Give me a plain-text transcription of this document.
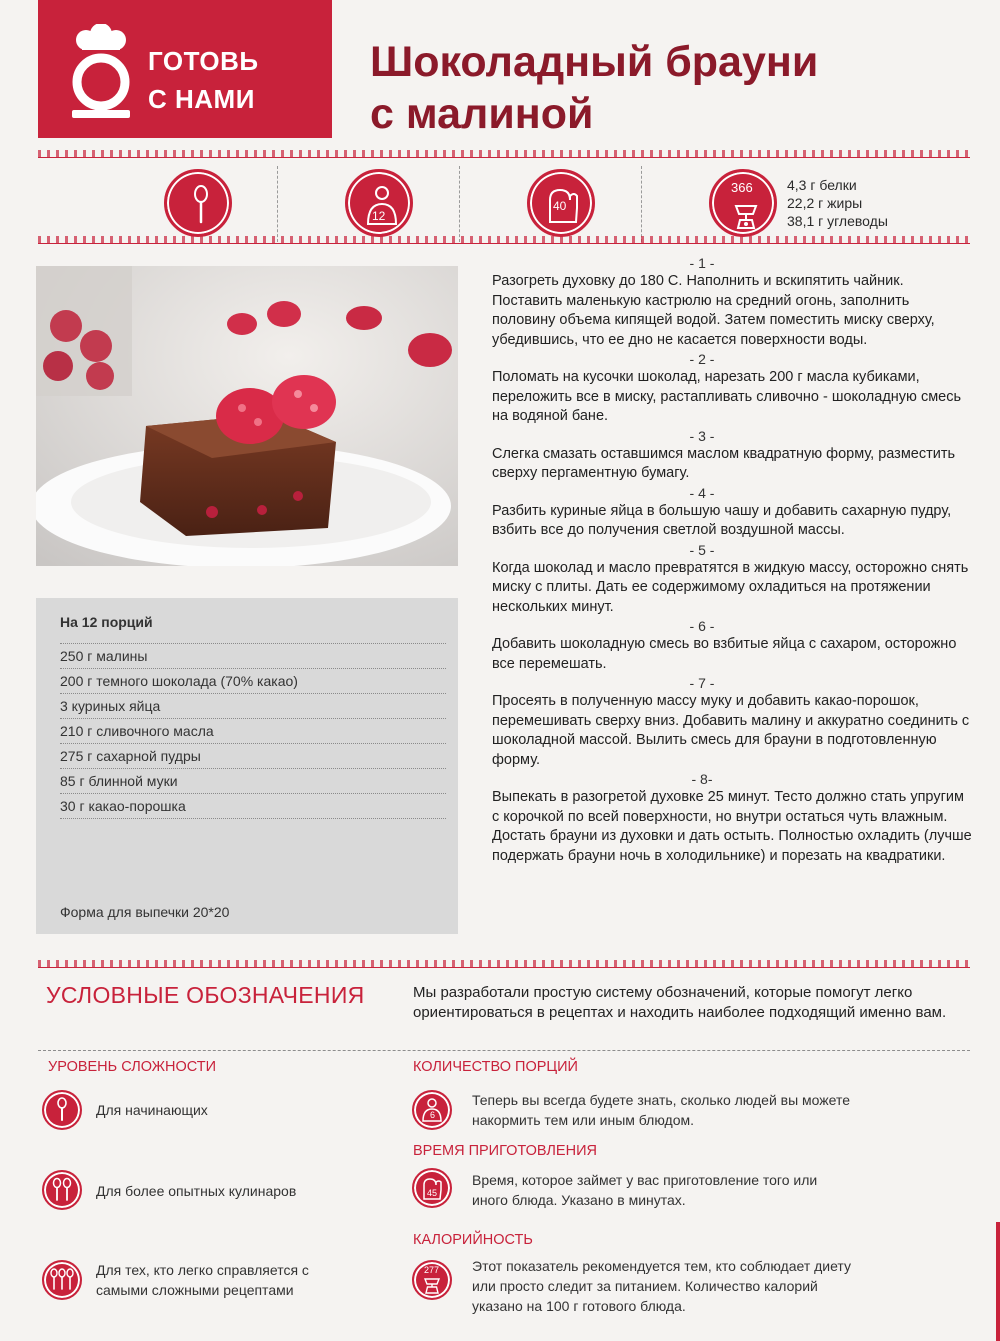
ГОТОВЬ
С НАМИ
Шоколадный брауни
с малиной
12
40
366 4,3 г белки
22,2 г жиры
38,1 г углеводы
На 12 порций
250 г малины
200 г темного шоколада (70% какао)
3 куриных яйца
210 г сливочного масла
275 г сахарной пудры
85 г блинной муки
30 г какао-порошка
Форма для выпечки 20*20
- 1 -
Разогреть духовку до 180 С. Наполнить и вскипятить чайник. Поставить маленькую кастрюлю на средний огонь, заполнить половину объема кипящей водой. Затем поместить миску сверху, убедившись, что ее дно не касается поверхности воды.
- 2 -
Поломать на кусочки шоколад, нарезать 200 г масла кубиками, переложить все в миску, растапливать сливочно - шоколадную смесь на водяной бане.
- 3 -
Слегка смазать оставшимся маслом квадратную форму, разместить сверху пергаментную бумагу.
- 4 -
Разбить куриные яйца в большую чашу и добавить сахарную пудру, взбить все до получения светлой воздушной массы.
- 5 -
Когда шоколад и масло превратятся в жидкую массу, осторожно снять миску с плиты. Дать ее содержимому охладиться на протяжении нескольких минут.
- 6 -
Добавить шоколадную смесь во взбитые яйца с сахаром, осторожно все перемешать.
- 7 -
Просеять в полученную массу муку и добавить какао-порошок, перемешивать сверху вниз. Добавить малину и аккуратно соединить с шоколадной массой. Вылить смесь для брауни в подготовленную форму.
- 8-
Выпекать в разогретой духовке 25 минут. Тесто должно стать упругим с корочкой по всей поверхности, но внутри остаться чуть влажным. Достать брауни из духовки и дать остыть. Полностью охладить (лучше подержать брауни ночь в холодильнике) и порезать на квадратики.
УСЛОВНЫЕ ОБОЗНАЧЕНИЯ	Мы разработали простую систему обозначений, которые помогут легко ориентироваться в рецептах и находить наиболее подходящий именно вам.
УРОВЕНЬ СЛОЖНОСТИ
Для начинающих
Для более опытных кулинаров
Для тех, кто легко справляется с самыми сложными рецептами
КОЛИЧЕСТВО ПОРЦИЙ
6
Теперь вы всегда будете знать, сколько людей вы можете накормить тем или иным блюдом.
ВРЕМЯ ПРИГОТОВЛЕНИЯ
45
Время, которое займет у вас приготовление того или иного блюда. Указано в минутах.
КАЛОРИЙНОСТЬ
277 Этот показатель рекомендуется тем, кто соблюдает диету или просто следит за питанием. Количество калорий указано на 100 г готового блюда.
